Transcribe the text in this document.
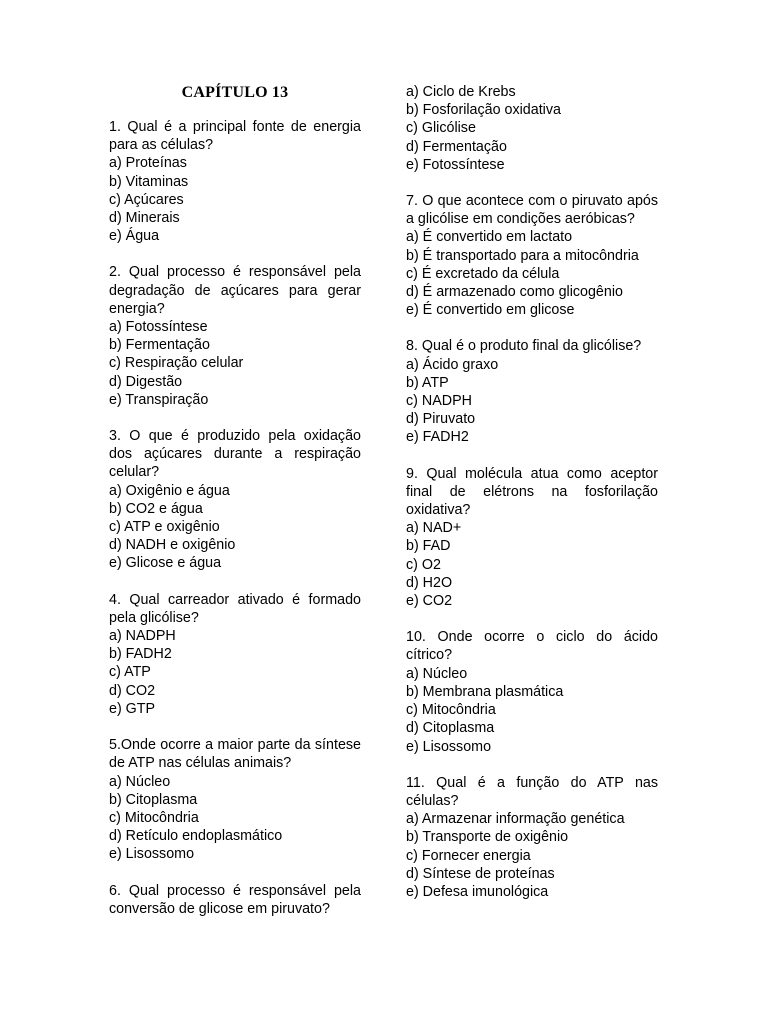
CAPÍTULO 13

1. Qual é a principal fonte de energia para as células?

a) Proteínas
b) Vitaminas
c) Açúcares
d) Minerais
e) Água

2. Qual processo é responsável pela degradação de açúcares para gerar energia?

a) Fotossíntese
b) Fermentação
c) Respiração celular
d) Digestão
e) Transpiração

3. O que é produzido pela oxidação dos açúcares durante a respiração celular?

a) Oxigênio e água
b) CO2 e água
c) ATP e oxigênio
d) NADH e oxigênio
e) Glicose e água

4. Qual carreador ativado é formado pela glicólise?

a) NADPH
b) FADH2
c) ATP
d) CO2
e) GTP

5.Onde ocorre a maior parte da síntese de ATP nas células animais?

a) Núcleo
b) Citoplasma
c) Mitocôndria
d) Retículo endoplasmático
e) Lisossomo

6. Qual processo é responsável pela conversão de glicose em piruvato?

a) Ciclo de Krebs
b) Fosforilação oxidativa
c) Glicólise
d) Fermentação
e) Fotossíntese

7. O que acontece com o piruvato após a glicólise em condições aeróbicas?

a) É convertido em lactato
b) É transportado para a mitocôndria
c) É excretado da célula
d) É armazenado como glicogênio
e) É convertido em glicose

8. Qual é o produto final da glicólise?

a) Ácido graxo
b) ATP
c) NADPH
d) Piruvato
e) FADH2

9. Qual molécula atua como aceptor final de elétrons na fosforilação oxidativa?

a) NAD+
b) FAD
c) O2
d) H2O
e) CO2

10. Onde ocorre o ciclo do ácido cítrico?

a) Núcleo
b) Membrana plasmática
c) Mitocôndria
d) Citoplasma
e) Lisossomo

11. Qual é a função do ATP nas células?

a) Armazenar informação genética
b) Transporte de oxigênio
c) Fornecer energia
d) Síntese de proteínas
e) Defesa imunológica
